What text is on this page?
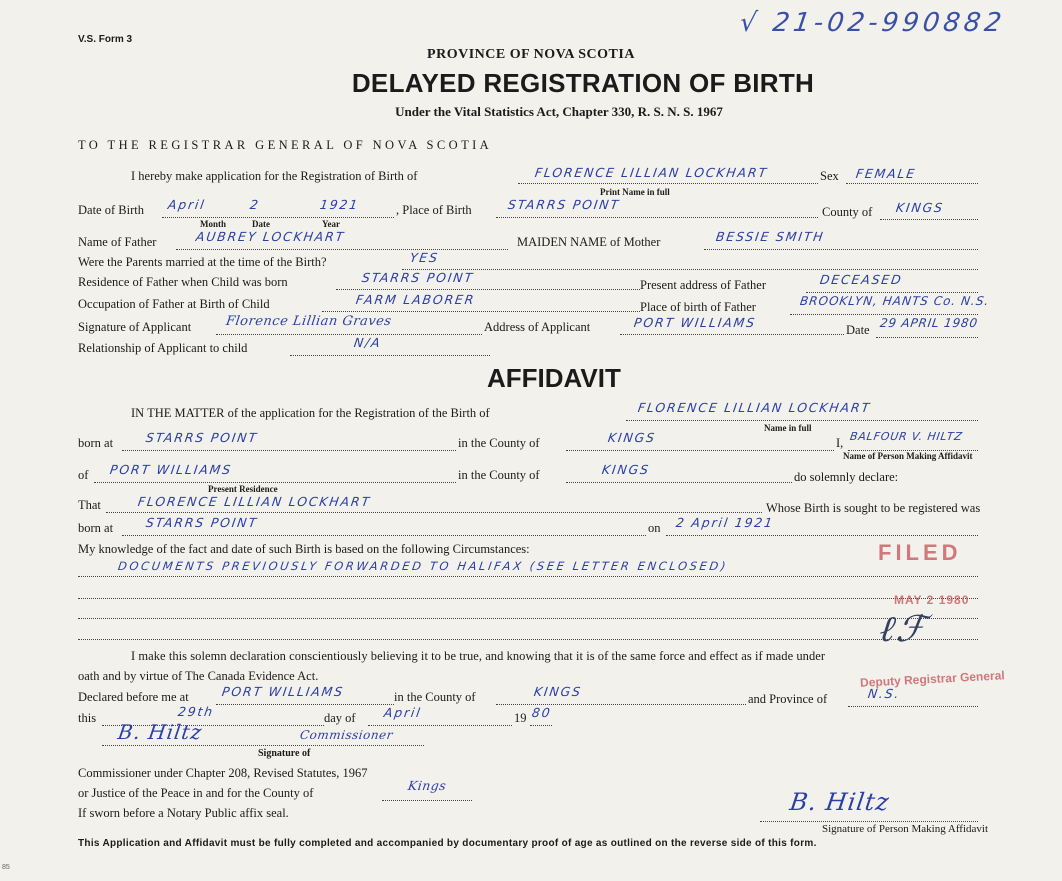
V.S. Form 3
√ 21-02-990882
PROVINCE OF NOVA SCOTIA
DELAYED REGISTRATION OF BIRTH
Under the Vital Statistics Act, Chapter 330, R. S. N. S. 1967
TO THE REGISTRAR GENERAL OF NOVA SCOTIA
I hereby make application for the Registration of Birth of	FLORENCE LILLIAN LOCKHART
Print Name in full
Sex FEMALE
Date of Birth April	2	1921
Month	Date	Year
, Place of Birth	STARRS POINT	County of KINGS
Name of Father	AUBREY LOCKHART	MAIDEN NAME of Mother	BESSIE SMITH
Were the Parents married at the time of the Birth?	YES
Residence of Father when Child was born	STARRS POINT	Present address of Father	DECEASED
Occupation of Father at Birth of Child	FARM LABORER	Place of birth of Father	BROOKLYN, HANTS Co. N.S.
Signature of Applicant	Florence Lillian Graves	Address of Applicant	PORT WILLIAMS	Date 29 APRIL 1980
Relationship of Applicant to child	N/A
AFFIDAVIT
IN THE MATTER of the application for the Registration of the Birth of	FLORENCE LILLIAN LOCKHART
Name in full
born at	STARRS POINT	in the County of	KINGS	I, BALFOUR V. HILTZ
Name of Person Making Affidavit
of PORT WILLIAMS
Present Residence
in the County of	KINGS	do solemnly declare:
That	FLORENCE LILLIAN LOCKHART	Whose Birth is sought to be registered was
born at	STARRS POINT	on 2 April 1921
My knowledge of the fact and date of such Birth is based on the following Circumstances:
DOCUMENTS PREVIOUSLY FORWARDED TO HALIFAX (SEE LETTER ENCLOSED)
I make this solemn declaration conscientiously believing it to be true, and knowing that it is of the same force and effect as if made under
oath and by virtue of The Canada Evidence Act.
Declared before me at	PORT WILLIAMS	in the County of	KINGS	and Province of	N.S.
this	29th	day of April	19 80
B. Hiltz	Commissioner
Signature of
Commissioner under Chapter 208, Revised Statutes, 1967
or Justice of the Peace in and for the County of	Kings
If sworn before a Notary Public affix seal.	B. Hiltz
Signature of Person Making Affidavit
FILED
MAY 2 1980
Deputy Registrar General
ℓℱ
This Application and Affidavit must be fully completed and accompanied by documentary proof of age as outlined on the reverse side of this form.
85
